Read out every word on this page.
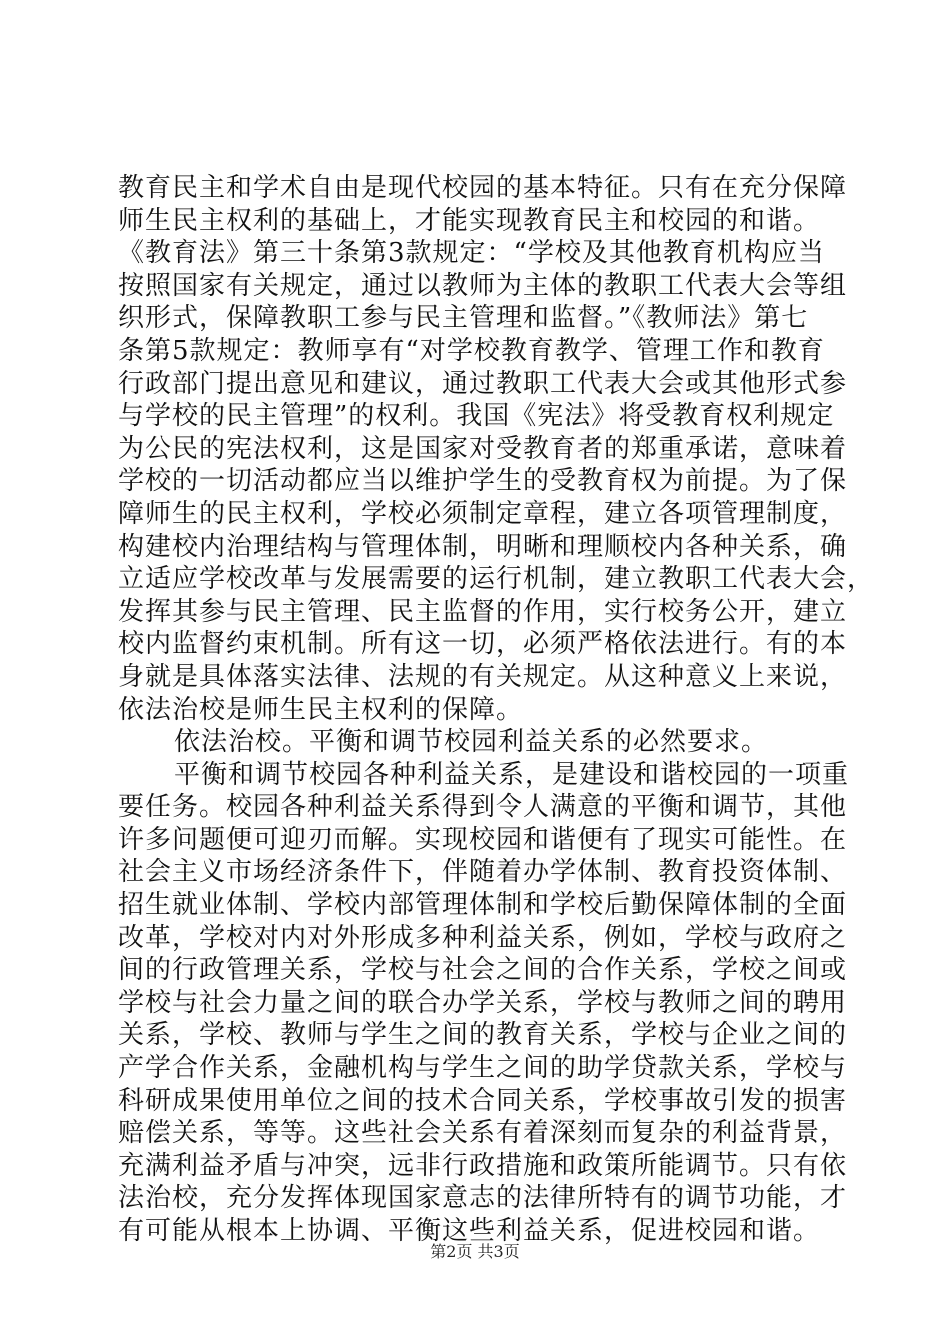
教育民主和学术自由是现代校园的基本特征。只有在充分保障
师生民主权利的基础上，才能实现教育民主和校园的和谐。
《教育法》第三十条第3款规定：“学校及其他教育机构应当
按照国家有关规定，通过以教师为主体的教职工代表大会等组
织形式，保障教职工参与民主管理和监督。”《教师法》第七
条第5款规定：教师享有“对学校教育教学、管理工作和教育
行政部门提出意见和建议，通过教职工代表大会或其他形式参
与学校的民主管理”的权利。我国《宪法》将受教育权利规定
为公民的宪法权利，这是国家对受教育者的郑重承诺，意味着
学校的一切活动都应当以维护学生的受教育权为前提。为了保
障师生的民主权利，学校必须制定章程，建立各项管理制度，
构建校内治理结构与管理体制，明晰和理顺校内各种关系，确
立适应学校改革与发展需要的运行机制，建立教职工代表大会，
发挥其参与民主管理、民主监督的作用，实行校务公开，建立
校内监督约束机制。所有这一切，必须严格依法进行。有的本
身就是具体落实法律、法规的有关规定。从这种意义上来说，
依法治校是师生民主权利的保障。
依法治校。平衡和调节校园利益关系的必然要求。
平衡和调节校园各种利益关系，是建设和谐校园的一项重
要任务。校园各种利益关系得到令人满意的平衡和调节，其他
许多问题便可迎刃而解。实现校园和谐便有了现实可能性。在
社会主义市场经济条件下，伴随着办学体制、教育投资体制、
招生就业体制、学校内部管理体制和学校后勤保障体制的全面
改革，学校对内对外形成多种利益关系，例如，学校与政府之
间的行政管理关系，学校与社会之间的合作关系，学校之间或
学校与社会力量之间的联合办学关系，学校与教师之间的聘用
关系，学校、教师与学生之间的教育关系，学校与企业之间的
产学合作关系，金融机构与学生之间的助学贷款关系，学校与
科研成果使用单位之间的技术合同关系，学校事故引发的损害
赔偿关系，等等。这些社会关系有着深刻而复杂的利益背景，
充满利益矛盾与冲突，远非行政措施和政策所能调节。只有依
法治校，充分发挥体现国家意志的法律所特有的调节功能，才
有可能从根本上协调、平衡这些利益关系，促进校园和谐。
第2页 共3页
